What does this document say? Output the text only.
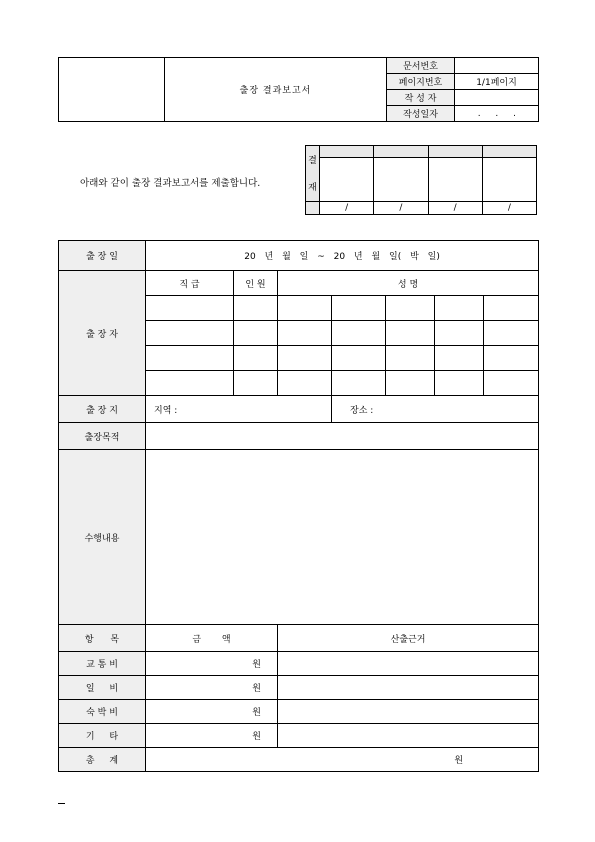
	출장 결과보고서	문서번호	
		페이지번호	1/1페이지
		작 성 자	
		작성일자	. . .
아래와 같이 출장 결과보고서를 제출합니다.
결
재				

	/	/	/	/
출 장 일	20 년 월 일 ~ 20 년 월 일( 박 일)						
출 장 자	직 급	인 원	성 명				

출 장 지	지역 :			장소 :			
출장목적							
수행내용							
항 목	금 액		산출근거				
교 통 비	원						
일 비	원						
숙 박 비	원						
기 타	원						
총 계	원						
